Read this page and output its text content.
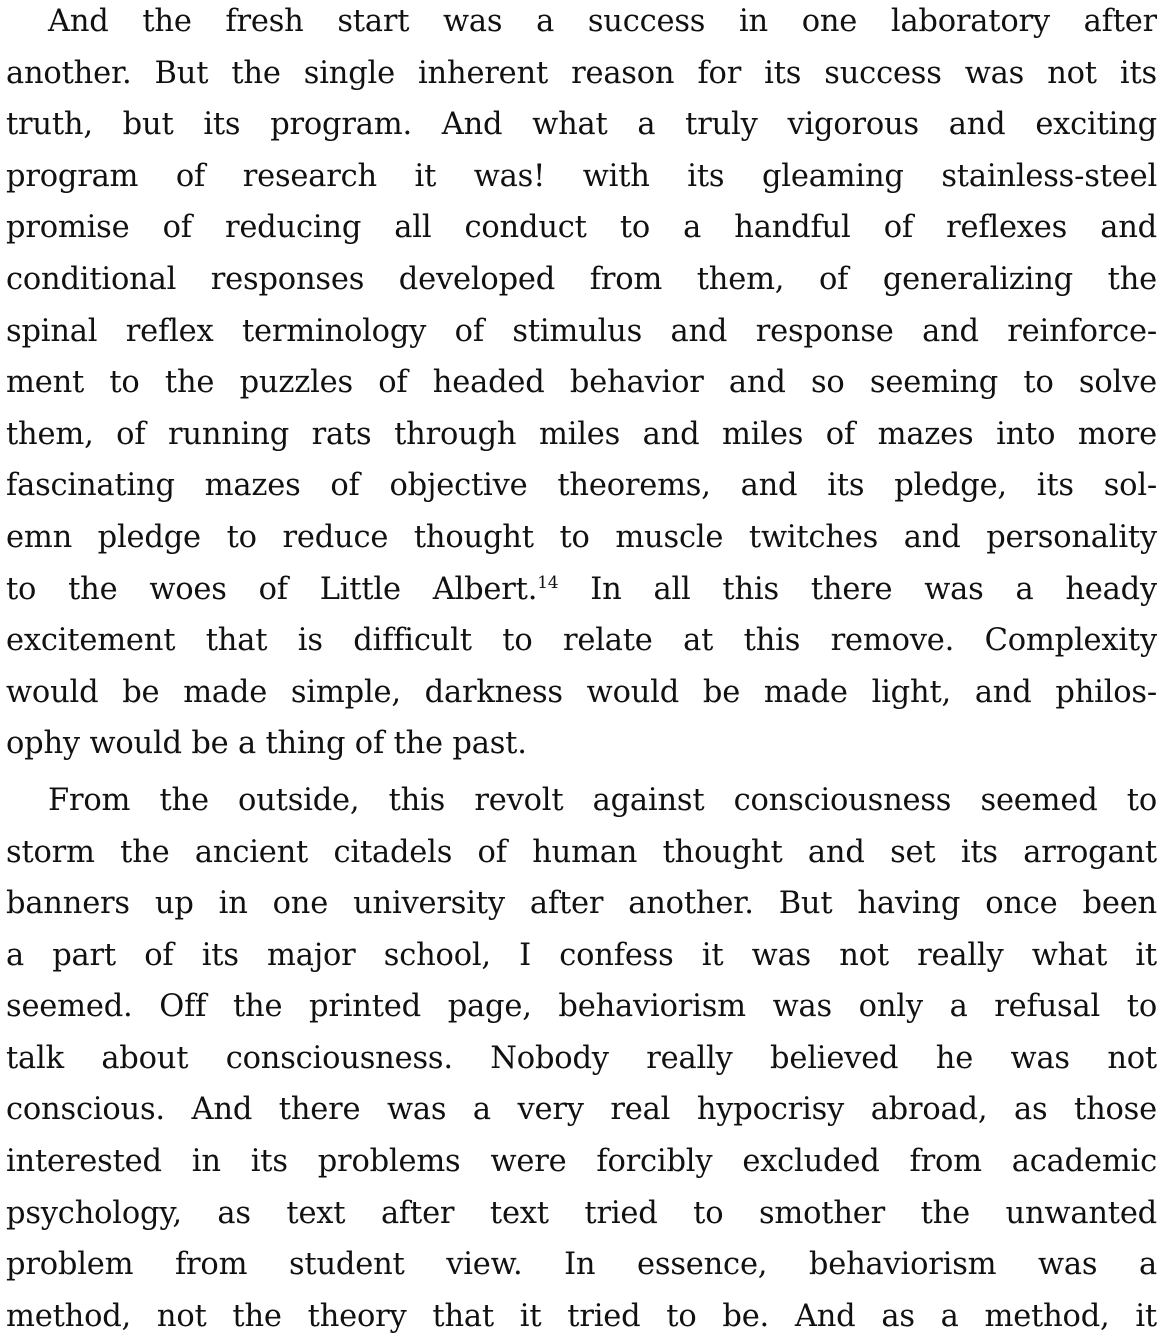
And the fresh start was a success in one laboratory after
another. But the single inherent reason for its success was not its
truth, but its program. And what a truly vigorous and exciting
program of research it was! with its gleaming stainless-steel
promise of reducing all conduct to a handful of reflexes and
conditional responses developed from them, of generalizing the
spinal reflex terminology of stimulus and response and reinforce-
ment to the puzzles of headed behavior and so seeming to solve
them, of running rats through miles and miles of mazes into more
fascinating mazes of objective theorems, and its pledge, its sol-
emn pledge to reduce thought to muscle twitches and personality
to the woes of Little Albert.$^{14}$ In all this there was a heady
excitement that is difficult to relate at this remove. Complexity
would be made simple, darkness would be made light, and philos-
ophy would be a thing of the past.
From the outside, this revolt against consciousness seemed to
storm the ancient citadels of human thought and set its arrogant
banners up in one university after another. But having once been
a part of its major school, I confess it was not really what it
seemed. Off the printed page, behaviorism was only a refusal to
talk about consciousness. Nobody really believed he was not
conscious. And there was a very real hypocrisy abroad, as those
interested in its problems were forcibly excluded from academic
psychology, as text after text tried to smother the unwanted
problem from student view. In essence, behaviorism was a
method, not the theory that it tried to be. And as a method, it
